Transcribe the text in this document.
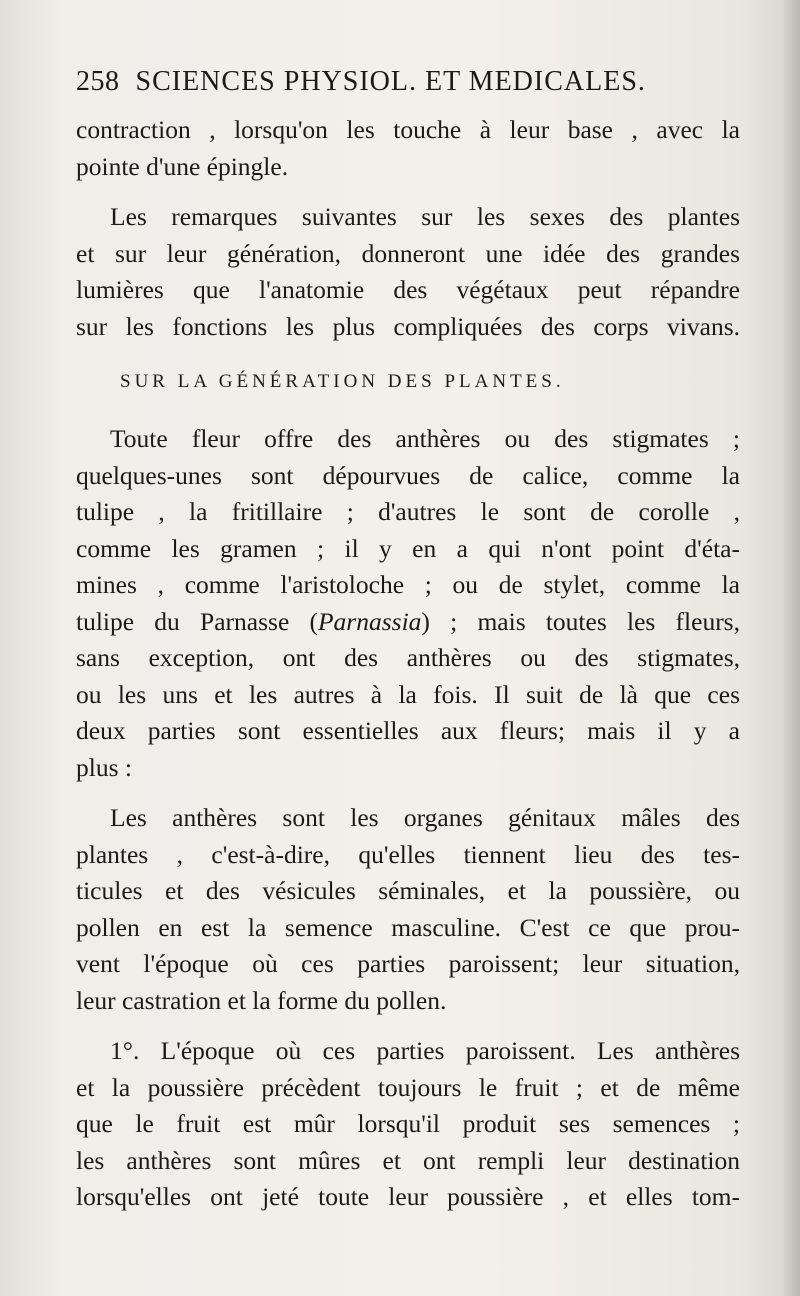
258 SCIENCES PHYSIOL. ET MEDICALES.
contraction , lorsqu'on les touche à leur base , avec la
pointe d'une épingle.
Les remarques suivantes sur les sexes des plantes
et sur leur génération, donneront une idée des grandes
lumières que l'anatomie des végétaux peut répandre
sur les fonctions les plus compliquées des corps vivans.
SUR LA GÉNÉRATION DES PLANTES.
Toute fleur offre des anthères ou des stigmates ;
quelques-unes sont dépourvues de calice, comme la
tulipe , la fritillaire ; d'autres le sont de corolle ,
comme les gramen ; il y en a qui n'ont point d'éta-
mines , comme l'aristoloche ; ou de stylet, comme la
tulipe du Parnasse (Parnassia) ; mais toutes les fleurs,
sans exception, ont des anthères ou des stigmates,
ou les uns et les autres à la fois. Il suit de là que ces
deux parties sont essentielles aux fleurs; mais il y a
plus :
Les anthères sont les organes génitaux mâles des
plantes , c'est-à-dire, qu'elles tiennent lieu des tes-
ticules et des vésicules séminales, et la poussière, ou
pollen en est la semence masculine. C'est ce que prou-
vent l'époque où ces parties paroissent; leur situation,
leur castration et la forme du pollen.
1°. L'époque où ces parties paroissent. Les anthères
et la poussière précèdent toujours le fruit ; et de même
que le fruit est mûr lorsqu'il produit ses semences ;
les anthères sont mûres et ont rempli leur destination
lorsqu'elles ont jeté toute leur poussière , et elles tom-
